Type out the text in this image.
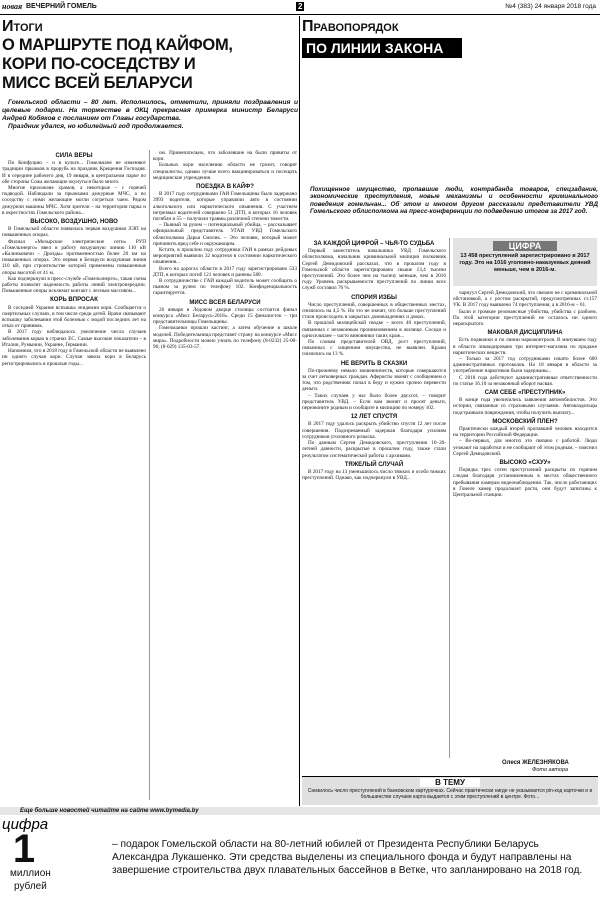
новая ВЕЧЕРНИЙ ГОМЕЛЬ	2	№4 (383) 24 января 2018 года
ИТОГИ
О МАРШРУТЕ ПОД КАЙФОМ,
КОРИ ПО-СОСЕДСТВУ И
МИСС ВСЕЙ БЕЛАРУСИ
Гомельской области – 80 лет. Исполнилось, отметили, приняли поздравления и целевые подарки. На торжестве в ОКЦ прекрасная примерка министр Беларуси Андрей Кобяков с посланием от Главы государства.
Праздник удался, но юбилейный год продолжается.
СИЛА ВЕРЫ

По Конфуцию – и в культе... Гомельчане не изменяют традиции прыжков в прорубь на праздник Крещения Господня. И в середине рабочего дня, 19 января, в центральном парке по обе стороны Сожа желающие окунуться было много.

Многие прихожане храмов, а некоторые – с горячей подводой. Наблюдали за прыжками дежурные МЧС, а по соседству с ними желающие могли согреться чаем. Рядом дежурили машины МЧС. Хотя зрители – на территории парка и в окрестностях Гомельского района...

ВЫСОКО, ВОЗДУШНО, НОВО

В Гомельской области появилась первая воздушная ЛЭП на повышенных опорах.

Филиал «Мозырские электрические сети» РУП «Гомельэнерго» ввел в работу воздушную линию 110 кВ «Калинковичи – Дрозды» протяженностью более 20 км на повышенных опорах. Это первая в Беларуси воздушная линия 110 кВ, при строительстве которой применены повышенные опоры высотой от 41 м.

Как подчеркнули в пресс-службе «Гомельэнерго», такая схема работы позволит надежность работы линий электропередачи. Повышенные опоры исключат контакт с лесным массивом...

КОРЬ ВПРОСАК

В соседней Украине вспышка эпидемии кори. Сообщается о смертельных случаях, в том числе среди детей. Врачи связывают вспышку заболевания этой болезнью с модой последних лет на отказ от прививок.

В 2017 году наблюдалось увеличение числа случаев заболевания корью в странах ЕС. Самые высокие показатели – в Италии, Румынии, Украине, Германии.

Напомним, что в 2018 году в Гомельской области не выявлено ни одного случая кори. Случаи завоза кори в Беларусь регистрировались в прошлые годы...

ом. Примечательно, что заболевшие на были привиты от кори.

Больных кори населению области не грозит, говорят специалисты, однако лучше всего вакцинироваться и посещать медицинские учреждения.

ПОЕЗДКА В КАЙФ?

В 2017 году сотрудниками ГАИ Гомельщины было задержано 3993 водителя, которые управляли авто в состоянии алкогольного или наркотического опьянения. С участием нетрезвых водителей совершено 51 ДТП, в которых 16 человек погибли и 55 – получили травмы различной степени тяжести.

– Пьяный за рулем – потенциальный убийца, – рассказывает официальный представитель УГАИ УВД Гомельского облисполкома Дарья Смолик. – Это человек, который может причинить вред себе и окружающим.

Кстати, в прошлом году сотрудники ГАИ в рамках рейдовых мероприятий выявили 32 водителя в состоянии наркотического опьянения...

Всего на дорогах области в 2017 году зарегистрировано 533 ДТП, в которых погиб 121 человек и ранены 580.

В сотрудничестве с ГАИ каждый водитель может сообщить о пьяном за рулем по телефону 102. Конфиденциальность гарантируется.

МИСС ВСЕЯ БЕЛАРУСИ

26 января в Ледовом дворце столицы состоится финал конкурса «Мисс Беларусь-2018». Среди 15 финалисток – три представительницы Гомельщины.

Гомельчанки прошли кастинг, а затем обучение в школе моделей. Победительница представит страну на конкурсе «Мисс мира». Подробности можно узнать по телефону (8-0232) 25-00-96; (8-029) 135-03-57.

ПРАВОПОРЯДОК
ПО ЛИНИИ ЗАКОНА
Похищенное имущество, пропавшие люди, контрабанда товаров, спецзадание, экономические преступления, новые механизмы и особенности криминального поведения гомельчан... Об этом и многом другом рассказали представители УВД Гомельского облисполкома на пресс-конференции по подведению итогов за 2017 год.
ЗА КАЖДОЙ ЦИФРОЙ – ЧЬЯ-ТО СУДЬБА

Первый заместитель начальника УВД Гомельского облисполкома, начальник криминальной милиции полковник Сергей Демидовский рассказал, что в прошлом году в Гомельской области зарегистрировано свыше 13,4 тысячи преступлений. Это более чем на тысячу меньше, чем в 2016 году. Уровень раскрываемости преступлений по линии всех служб составил 76 %.

СПОРИЯ ИЗБЫ

Число преступлений, совершенных в общественных местах, снизилось на 4,5 %. Но это не значит, что больше преступлений стали происходить в закрытых домовладениях и домах.

В прошлой милицейской сводке – всего 40 преступлений, связанных с незаконным проникновением в жилище. Соседи и односельчане – часто виновники таких краж...

По словам представителей ОВД, рост преступлений, связанных с хищением имущества, не выявлен. Кражи снизились на 13 %.

НЕ ВЕРИТЬ В СКАЗКИ

По-прежнему немало мошенничеств, которые совершаются за счет легковерных граждан. Аферисты звонят с сообщением о том, что родственник попал в беду и нужно срочно перевести деньги.

– Таких случаев у нас было более двухсот, – говорит представитель УВД. – Если вам звонят и просят деньги, перезвоните родным и сообщите в милицию по номеру 102.

12 ЛЕТ СПУСТЯ

В 2017 году удалось раскрыть убийство спустя 12 лет после совершения. Подозреваемый задержан благодаря усилиям сотрудников уголовного розыска.

По данным Сергея Демидовского, преступления 10–20-летней давности, раскрытые в прошлом году, также стали результатом систематической работы с архивами.

ТЯЖЕЛЫЙ СЛУЧАЙ

В 2017 году на 13 уменьшилось число тяжких и особо тяжких преступлений. Однако, как подчеркнули в УВД...

ЦИФРА
13 458 преступлений зарегистрировано в 2017 году. Это на 1016 уголовно-наказуемых деяний меньше, чем в 2016-м.

чарнуул Сергей Демидовский, что связано не с криминальной обстановкой, а с ростом раскрытий, предусмотренных ст.157 УК. В 2017 году выявлено 74 преступления, а в 2016-м – 61.

Были и громкие резонансные убийства, убийства с разбоем. По этой категории преступлений не осталось ни одного нераскрытого.

МАКОВАЯ ДИСЦИПЛИНА

Есть подвижки и по линии наркоконтроля. В минувшем году в области ликвидировано три интернет-магазина по продаже наркотических веществ.

– Только за 2017 год сотрудниками изъято более 600 административных протоколов. На 18 января в области за употребление наркотиков были задержаны...

С 2018 года действуют административные ответственности по статье 16.10 за незаконный оборот насвая.

САМ СЕБЕ «ПРЕСТУПНИК»

В конце года увеличились заявления автомобилистов. Это истории, связанные со страховыми случаями. Автовладельцы подстраивали повреждения, чтобы получить выплату...

МОСКОВСКИЙ ПЛЕН?

Практически каждый второй пропавший человек находится на территории Российской Федерации.

– Во-первых, для многих это связано с работой. Люди уезжают на заработки и не сообщают об этом родным, – пояснил Сергей Демидовский.

ВЫСОКО «СХУУ»

Порядка трех сотен преступлений раскрыты по горячим следам благодаря установленным в местах общественного пребывания камерам видеонаблюдения. Так, число работающих в Гомеле камер продолжает расти, они будут запитаны к Центральной станции.

Олеся ЖЕЛЕЗНЯКОВА
Фото автора
В ТЕМУ
Снизилось число преступлений в банковском картурочках. Сейчас практически нигде не указывается pin-код карточки и в большинстве случаев карта выдается с этим преступлений в центре. Фото...
Еще больше новостей читайте на сайте www.bymedia.by
цифра
1
миллион
рублей
– подарок Гомельской области на 80-летний юбилей от Президента Республики Беларусь Александра Лукашенко. Эти средства выделены из специального фонда и будут направлены на завершение строительства двух плавательных бассейнов в Ветке, что запланировано на 2018 год.
